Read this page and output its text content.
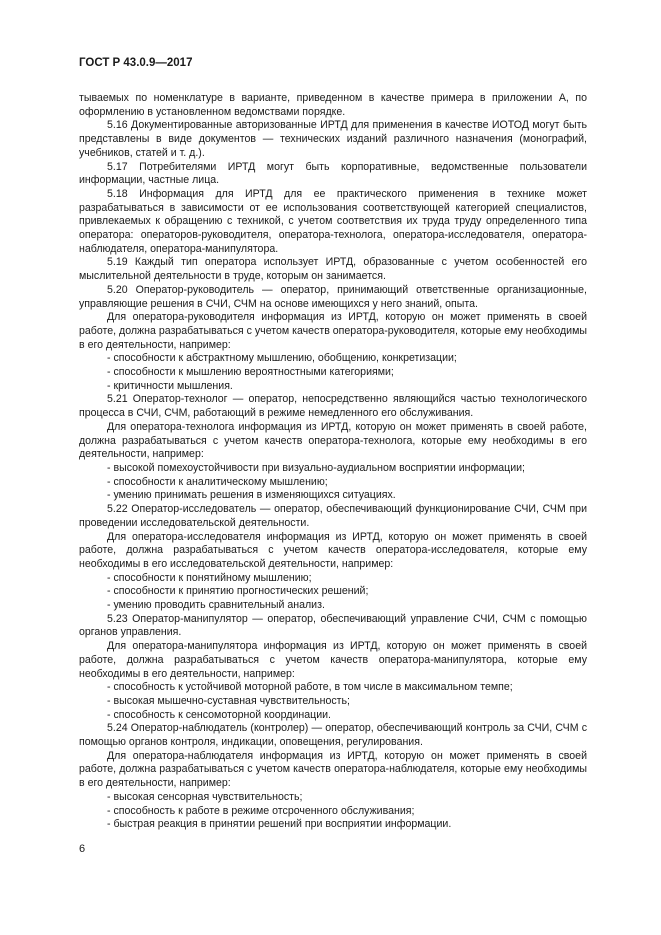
ГОСТ Р 43.0.9—2017

тываемых по номенклатуре в варианте, приведенном в качестве примера в приложении А, по оформлению в установленном ведомствами порядке.

5.16 Документированные авторизованные ИРТД для применения в качестве ИОТОД могут быть представлены в виде документов — технических изданий различного назначения (монографий, учебников, статей и т. д.).

5.17 Потребителями ИРТД могут быть корпоративные, ведомственные пользователи информации, частные лица.

5.18 Информация для ИРТД для ее практического применения в технике может разрабатываться в зависимости от ее использования соответствующей категорией специалистов, привлекаемых к обращению с техникой, с учетом соответствия их труда труду определенного типа оператора: операторов-руководителя, оператора-технолога, оператора-исследователя, оператора-наблюдателя, оператора-манипулятора.

5.19 Каждый тип оператора использует ИРТД, образованные с учетом особенностей его мыслительной деятельности в труде, которым он занимается.

5.20 Оператор-руководитель — оператор, принимающий ответственные организационные, управляющие решения в СЧИ, СЧМ на основе имеющихся у него знаний, опыта.

Для оператора-руководителя информация из ИРТД, которую он может применять в своей работе, должна разрабатываться с учетом качеств оператора-руководителя, которые ему необходимы в его деятельности, например:

- способности к абстрактному мышлению, обобщению, конкретизации;

- способности к мышлению вероятностными категориями;

- критичности мышления.

5.21 Оператор-технолог — оператор, непосредственно являющийся частью технологического процесса в СЧИ, СЧМ, работающий в режиме немедленного его обслуживания.

Для оператора-технолога информация из ИРТД, которую он может применять в своей работе, должна разрабатываться с учетом качеств оператора-технолога, которые ему необходимы в его деятельности, например:

- высокой помехоустойчивости при визуально-аудиальном восприятии информации;

- способности к аналитическому мышлению;

- умению принимать решения в изменяющихся ситуациях.

5.22 Оператор-исследователь — оператор, обеспечивающий функционирование СЧИ, СЧМ при проведении исследовательской деятельности.

Для оператора-исследователя информация из ИРТД, которую он может применять в своей работе, должна разрабатываться с учетом качеств оператора-исследователя, которые ему необходимы в его исследовательской деятельности, например:

- способности к понятийному мышлению;

- способности к принятию прогностических решений;

- умению проводить сравнительный анализ.

5.23 Оператор-манипулятор — оператор, обеспечивающий управление СЧИ, СЧМ с помощью органов управления.

Для оператора-манипулятора информация из ИРТД, которую он может применять в своей работе, должна разрабатываться с учетом качеств оператора-манипулятора, которые ему необходимы в его деятельности, например:

- способность к устойчивой моторной работе, в том числе в максимальном темпе;

- высокая мышечно-суставная чувствительность;

- способность к сенсомоторной координации.

5.24 Оператор-наблюдатель (контролер) — оператор, обеспечивающий контроль за СЧИ, СЧМ с помощью органов контроля, индикации, оповещения, регулирования.

Для оператора-наблюдателя информация из ИРТД, которую он может применять в своей работе, должна разрабатываться с учетом качеств оператора-наблюдателя, которые ему необходимы в его деятельности, например:

- высокая сенсорная чувствительность;

- способность к работе в режиме отсроченного обслуживания;

- быстрая реакция в принятии решений при восприятии информации.

6
